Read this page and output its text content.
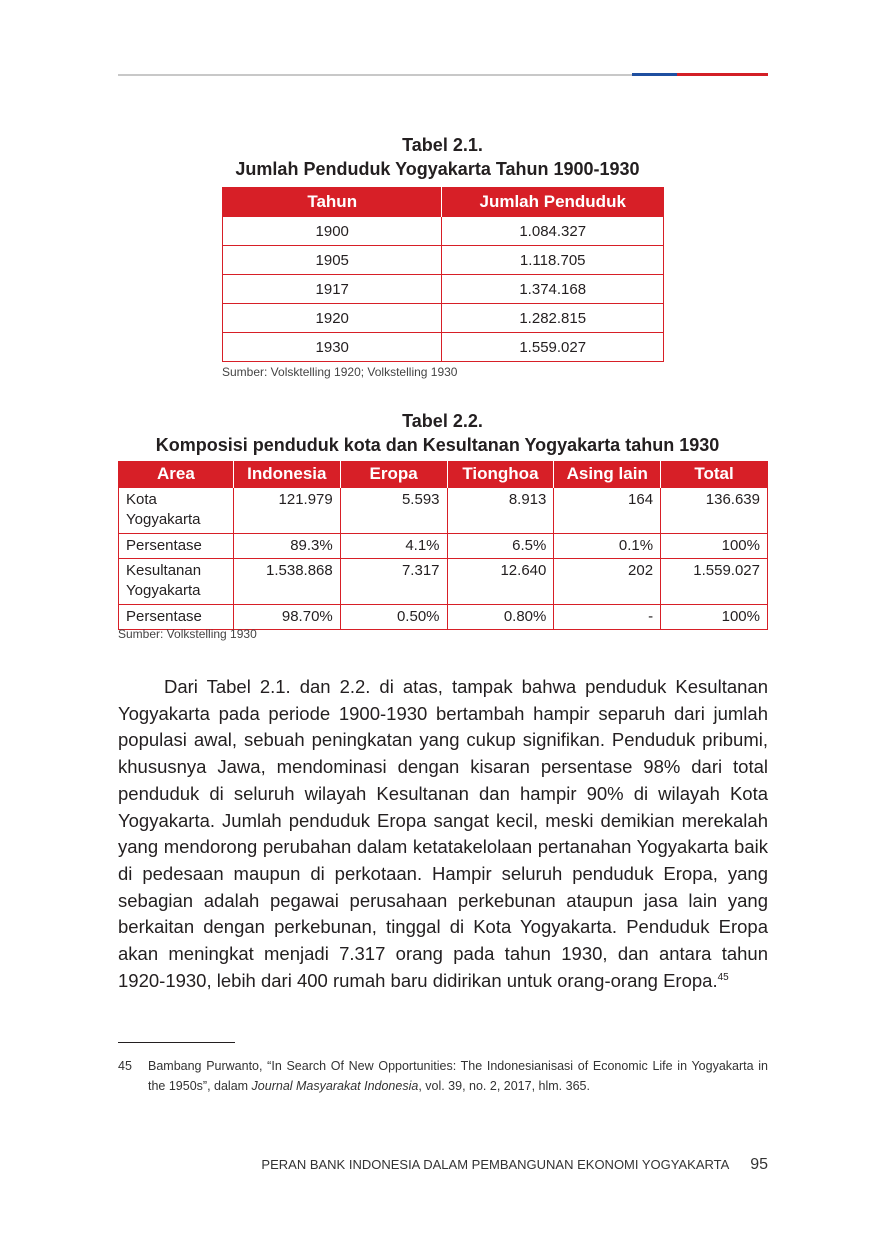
Tabel 2.1.
Jumlah Penduduk Yogyakarta Tahun 1900-1930
Tahun	Jumlah Penduduk
1900	1.084.327
1905	1.118.705
1917	1.374.168
1920	1.282.815
1930	1.559.027
Sumber: Volsktelling 1920; Volkstelling 1930
Tabel 2.2.
Komposisi penduduk kota dan Kesultanan Yogyakarta tahun 1930
Area	Indonesia	Eropa	Tionghoa	Asing lain	Total
Kota Yogyakarta	121.979	5.593	8.913	164	136.639
Persentase	89.3%	4.1%	6.5%	0.1%	100%
Kesultanan Yogyakarta	1.538.868	7.317	12.640	202	1.559.027
Persentase	98.70%	0.50%	0.80%	-	100%
Sumber: Volkstelling 1930

Dari Tabel 2.1. dan 2.2. di atas, tampak bahwa penduduk Kesultanan Yogyakarta pada periode 1900-1930 bertambah hampir separuh dari jumlah populasi awal, sebuah peningkatan yang cukup signifikan. Penduduk pribumi, khususnya Jawa, mendominasi dengan kisaran persentase 98% dari total penduduk di seluruh wilayah Kesultanan dan hampir 90% di wilayah Kota Yogyakarta. Jumlah penduduk Eropa sangat kecil, meski demikian merekalah yang mendorong perubahan dalam ketatakelolaan pertanahan Yogyakarta baik di pedesaan maupun di perkotaan. Hampir seluruh penduduk Eropa, yang sebagian adalah pegawai perusahaan perkebunan ataupun jasa lain yang berkaitan dengan perkebunan, tinggal di Kota Yogyakarta. Penduduk Eropa akan meningkat menjadi 7.317 orang pada tahun 1930, dan antara tahun 1920-1930, lebih dari 400 rumah baru didirikan untuk orang-orang Eropa.$^{45}$

45 Bambang Purwanto, “In Search Of New Opportunities: The Indonesianisasi of Economic Life in Yogyakarta in the 1950s”, dalam Journal Masyarakat Indonesia, vol. 39, no. 2, 2017, hlm. 365.
PERAN BANK INDONESIA DALAM PEMBANGUNAN EKONOMI YOGYAKARTA 95
